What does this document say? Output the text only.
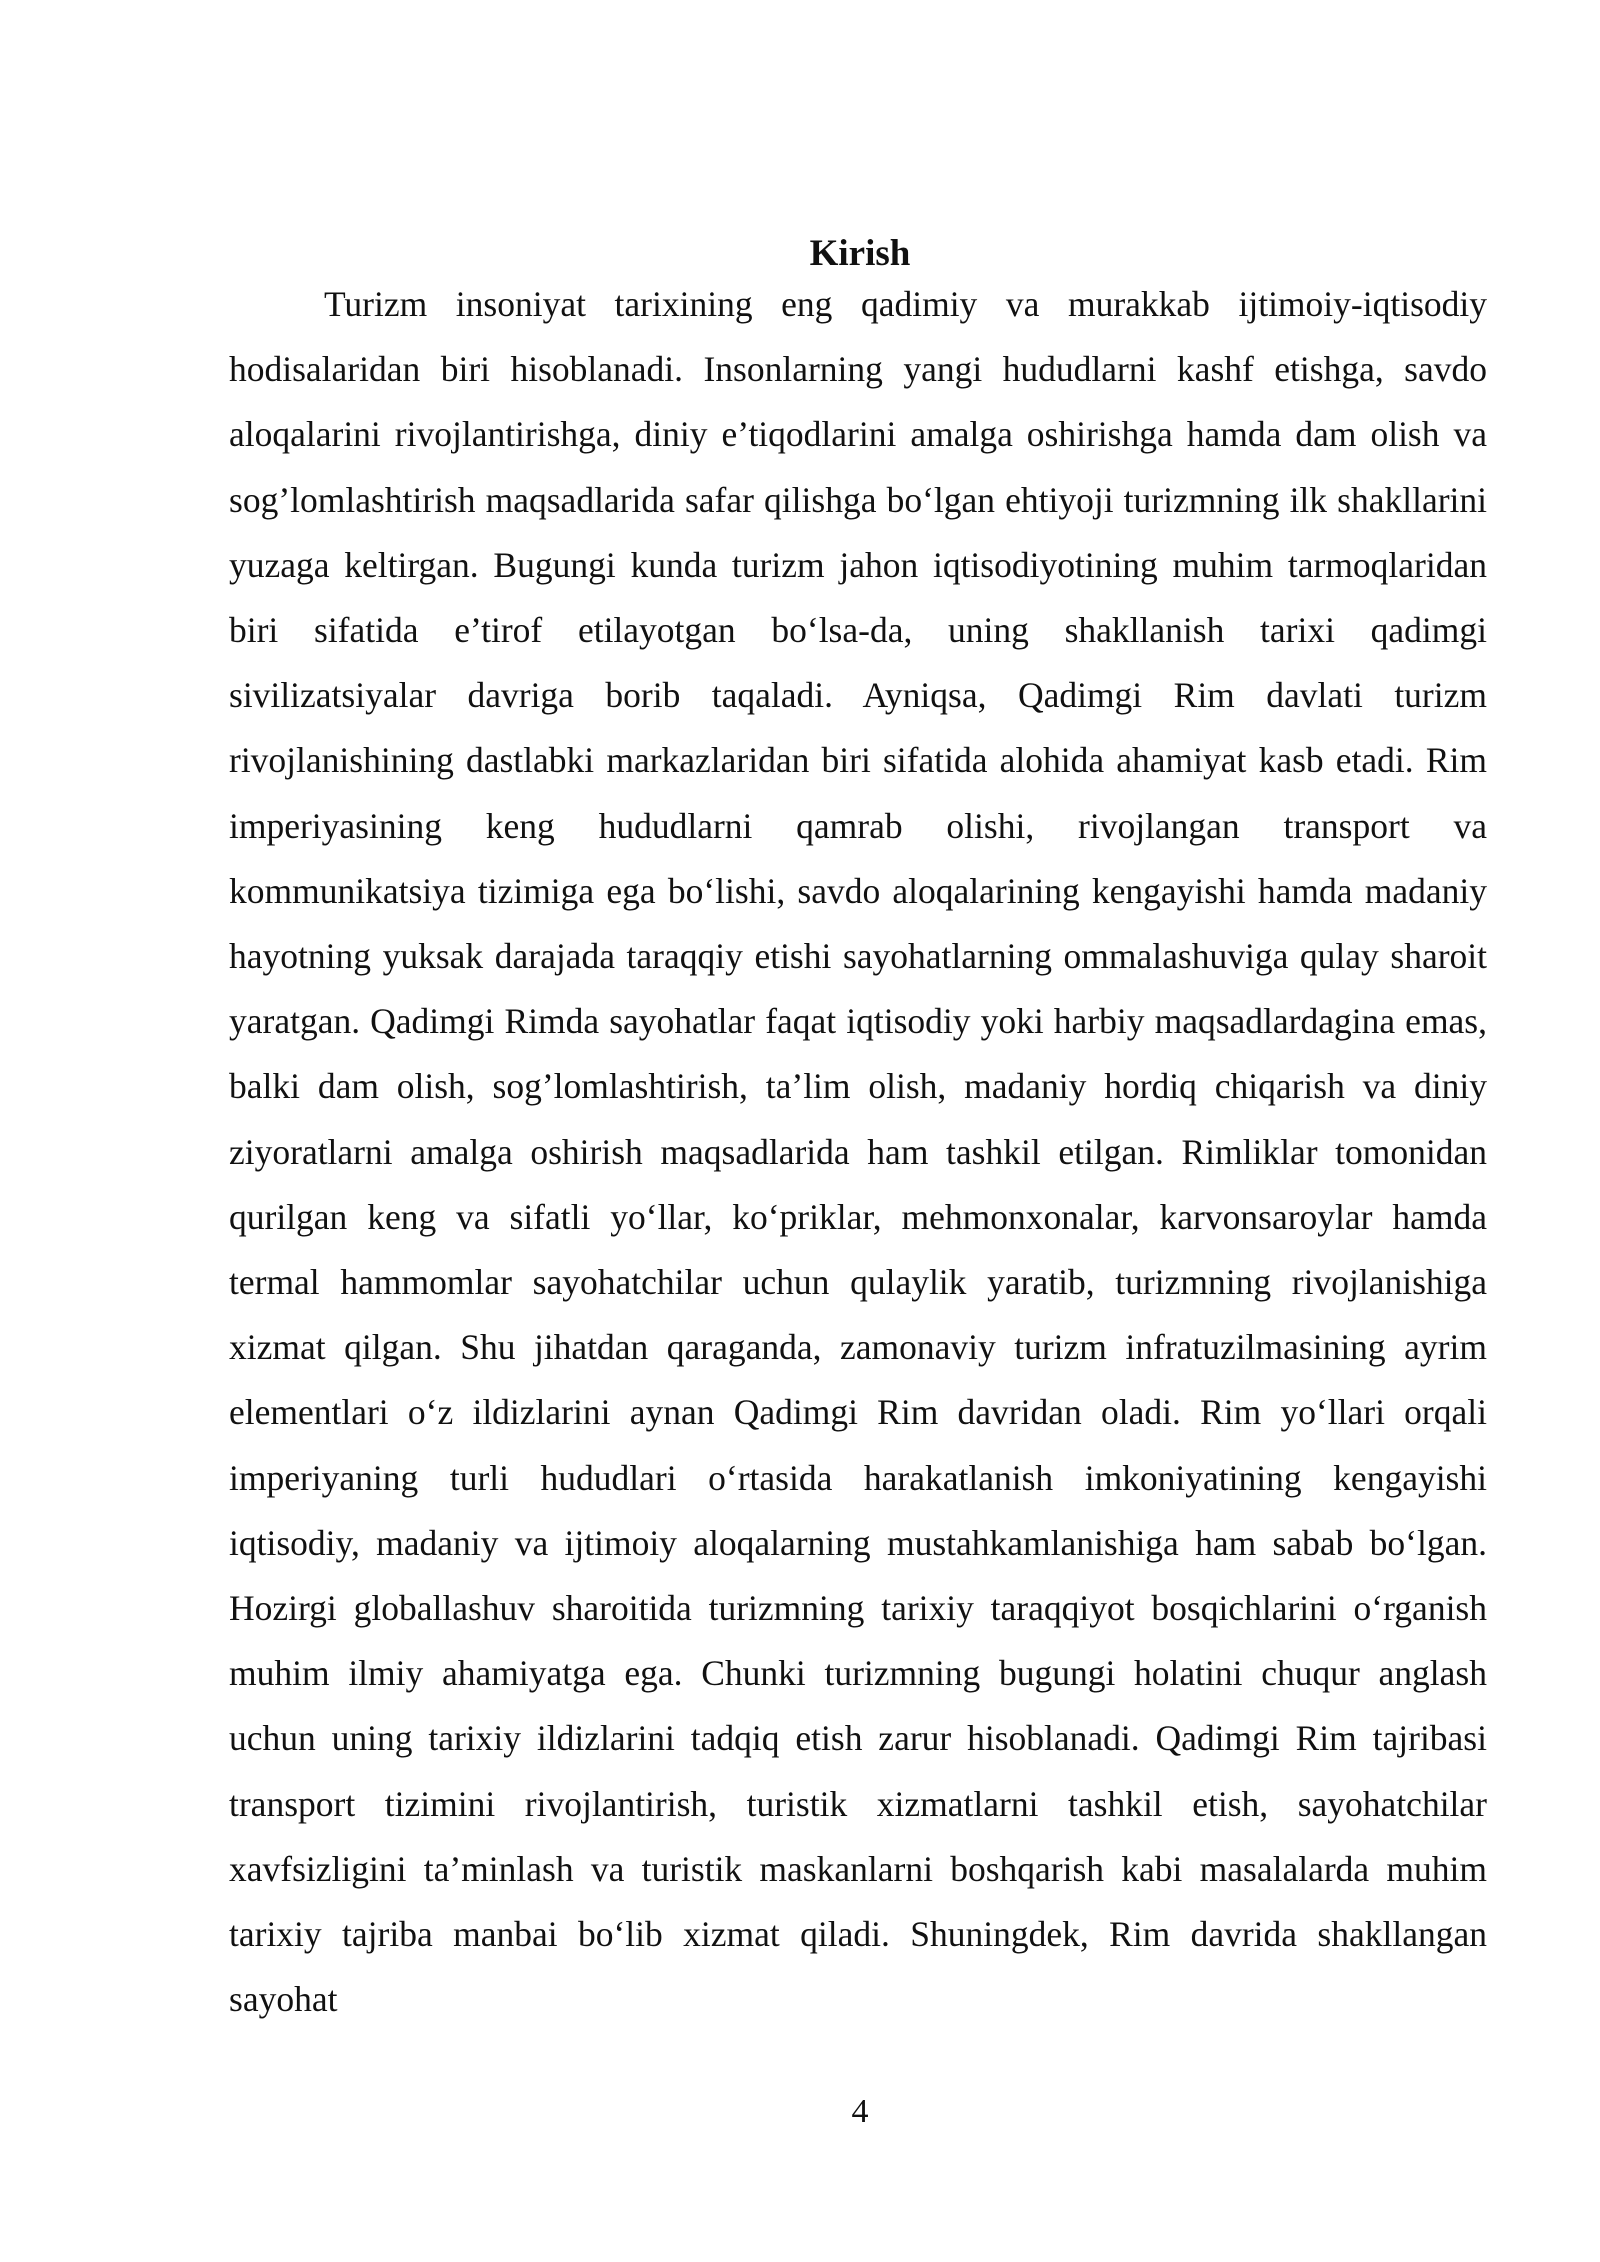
Kirish

Turizm insoniyat tarixining eng qadimiy va murakkab ijtimoiy-iqtisodiy hodisalaridan biri hisoblanadi. Insonlarning yangi hududlarni kashf etishga, savdo aloqalarini rivojlantirishga, diniy e’tiqodlarini amalga oshirishga hamda dam olish va sog’lomlashtirish maqsadlarida safar qilishga bo‘lgan ehtiyoji turizmning ilk shakllarini yuzaga keltirgan. Bugungi kunda turizm jahon iqtisodiyotining muhim tarmoqlaridan biri sifatida e’tirof etilayotgan bo‘lsa-da, uning shakllanish tarixi qadimgi sivilizatsiyalar davriga borib taqaladi. Ayniqsa, Qadimgi Rim davlati turizm rivojlanishining dastlabki markazlaridan biri sifatida alohida ahamiyat kasb etadi. Rim imperiyasining keng hududlarni qamrab olishi, rivojlangan transport va kommunikatsiya tizimiga ega bo‘lishi, savdo aloqalarining kengayishi hamda madaniy hayotning yuksak darajada taraqqiy etishi sayohatlarning ommalashuviga qulay sharoit yaratgan. Qadimgi Rimda sayohatlar faqat iqtisodiy yoki harbiy maqsadlardagina emas, balki dam olish, sog’lomlashtirish, ta’lim olish, madaniy hordiq chiqarish va diniy ziyoratlarni amalga oshirish maqsadlarida ham tashkil etilgan. Rimliklar tomonidan qurilgan keng va sifatli yo‘llar, ko‘priklar, mehmonxonalar, karvonsaroylar hamda termal hammomlar sayohatchilar uchun qulaylik yaratib, turizmning rivojlanishiga xizmat qilgan. Shu jihatdan qaraganda, zamonaviy turizm infratuzilmasining ayrim elementlari o‘z ildizlarini aynan Qadimgi Rim davridan oladi. Rim yo‘llari orqali imperiyaning turli hududlari o‘rtasida harakatlanish imkoniyatining kengayishi iqtisodiy, madaniy va ijtimoiy aloqalarning mustahkamlanishiga ham sabab bo‘lgan. Hozirgi globallashuv sharoitida turizmning tarixiy taraqqiyot bosqichlarini o‘rganish muhim ilmiy ahamiyatga ega. Chunki turizmning bugungi holatini chuqur anglash uchun uning tarixiy ildizlarini tadqiq etish zarur hisoblanadi. Qadimgi Rim tajribasi transport tizimini rivojlantirish, turistik xizmatlarni tashkil etish, sayohatchilar xavfsizligini ta’minlash va turistik maskanlarni boshqarish kabi masalalarda muhim tarixiy tajriba manbai bo‘lib xizmat qiladi. Shuningdek, Rim davrida shakllangan sayohat

4
